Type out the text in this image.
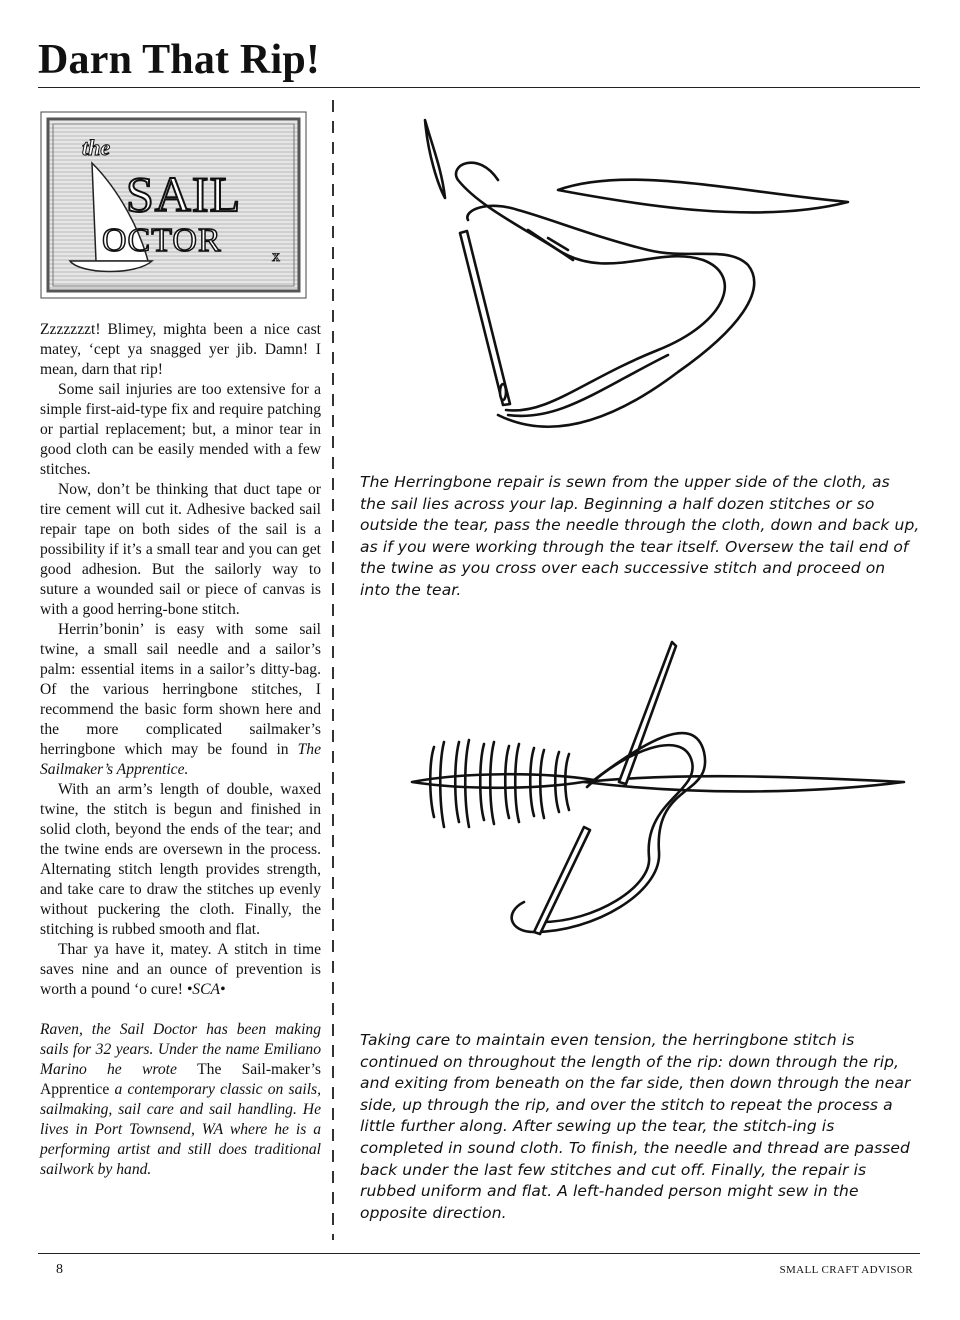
Darn That Rip!
the
SAIL
OCTOR	x

Zzzzzzzt! Blimey, mighta been a nice cast matey, ‘cept ya snagged yer jib. Damn! I mean, darn that rip!

Some sail injuries are too extensive for a simple first-aid-type fix and require patching or partial replacement; but, a minor tear in good cloth can be easily mended with a few stitches.

Now, don’t be thinking that duct tape or tire cement will cut it. Adhesive backed sail repair tape on both sides of the sail is a possibility if it’s a small tear and you can get good adhesion. But the sailorly way to suture a wounded sail or piece of canvas is with a good herring-bone stitch.

Herrin’bonin’ is easy with some sail twine, a small sail needle and a sailor’s palm: essential items in a sailor’s ditty-bag. Of the various herringbone stitches, I recommend the basic form shown here and the more complicated sailmaker’s herringbone which may be found in The Sailmaker’s Apprentice.

With an arm’s length of double, waxed twine, the stitch is begun and finished in solid cloth, beyond the ends of the tear; and the twine ends are oversewn in the process. Alternating stitch length provides strength, and take care to draw the stitches up evenly without puckering the cloth. Finally, the stitching is rubbed smooth and flat.

Thar ya have it, matey. A stitch in time saves nine and an ounce of prevention is worth a pound ‘o cure! •SCA•

Raven, the Sail Doctor has been making sails for 32 years. Under the name Emiliano Marino he wrote The Sail-maker’s Apprentice a contemporary classic on sails, sailmaking, sail care and sail handling. He lives in Port Townsend, WA where he is a performing artist and still does traditional sailwork by hand.

The Herringbone repair is sewn from the upper side of the cloth, as the sail lies across your lap. Beginning a half dozen stitches or so outside the tear, pass the needle through the cloth, down and back up, as if you were working through the tear itself. Oversew the tail end of the twine as you cross over each successive stitch and proceed on into the tear.
Taking care to maintain even tension, the herringbone stitch is continued on throughout the length of the rip: down through the rip, and exiting from beneath on the far side, then down through the near side, up through the rip, and over the stitch to repeat the process a little further along. After sewing up the tear, the stitch-ing is completed in sound cloth. To finish, the needle and thread are passed back under the last few stitches and cut off. Finally, the repair is rubbed uniform and flat. A left-handed person might sew in the opposite direction.
8	SMALL CRAFT ADVISOR
